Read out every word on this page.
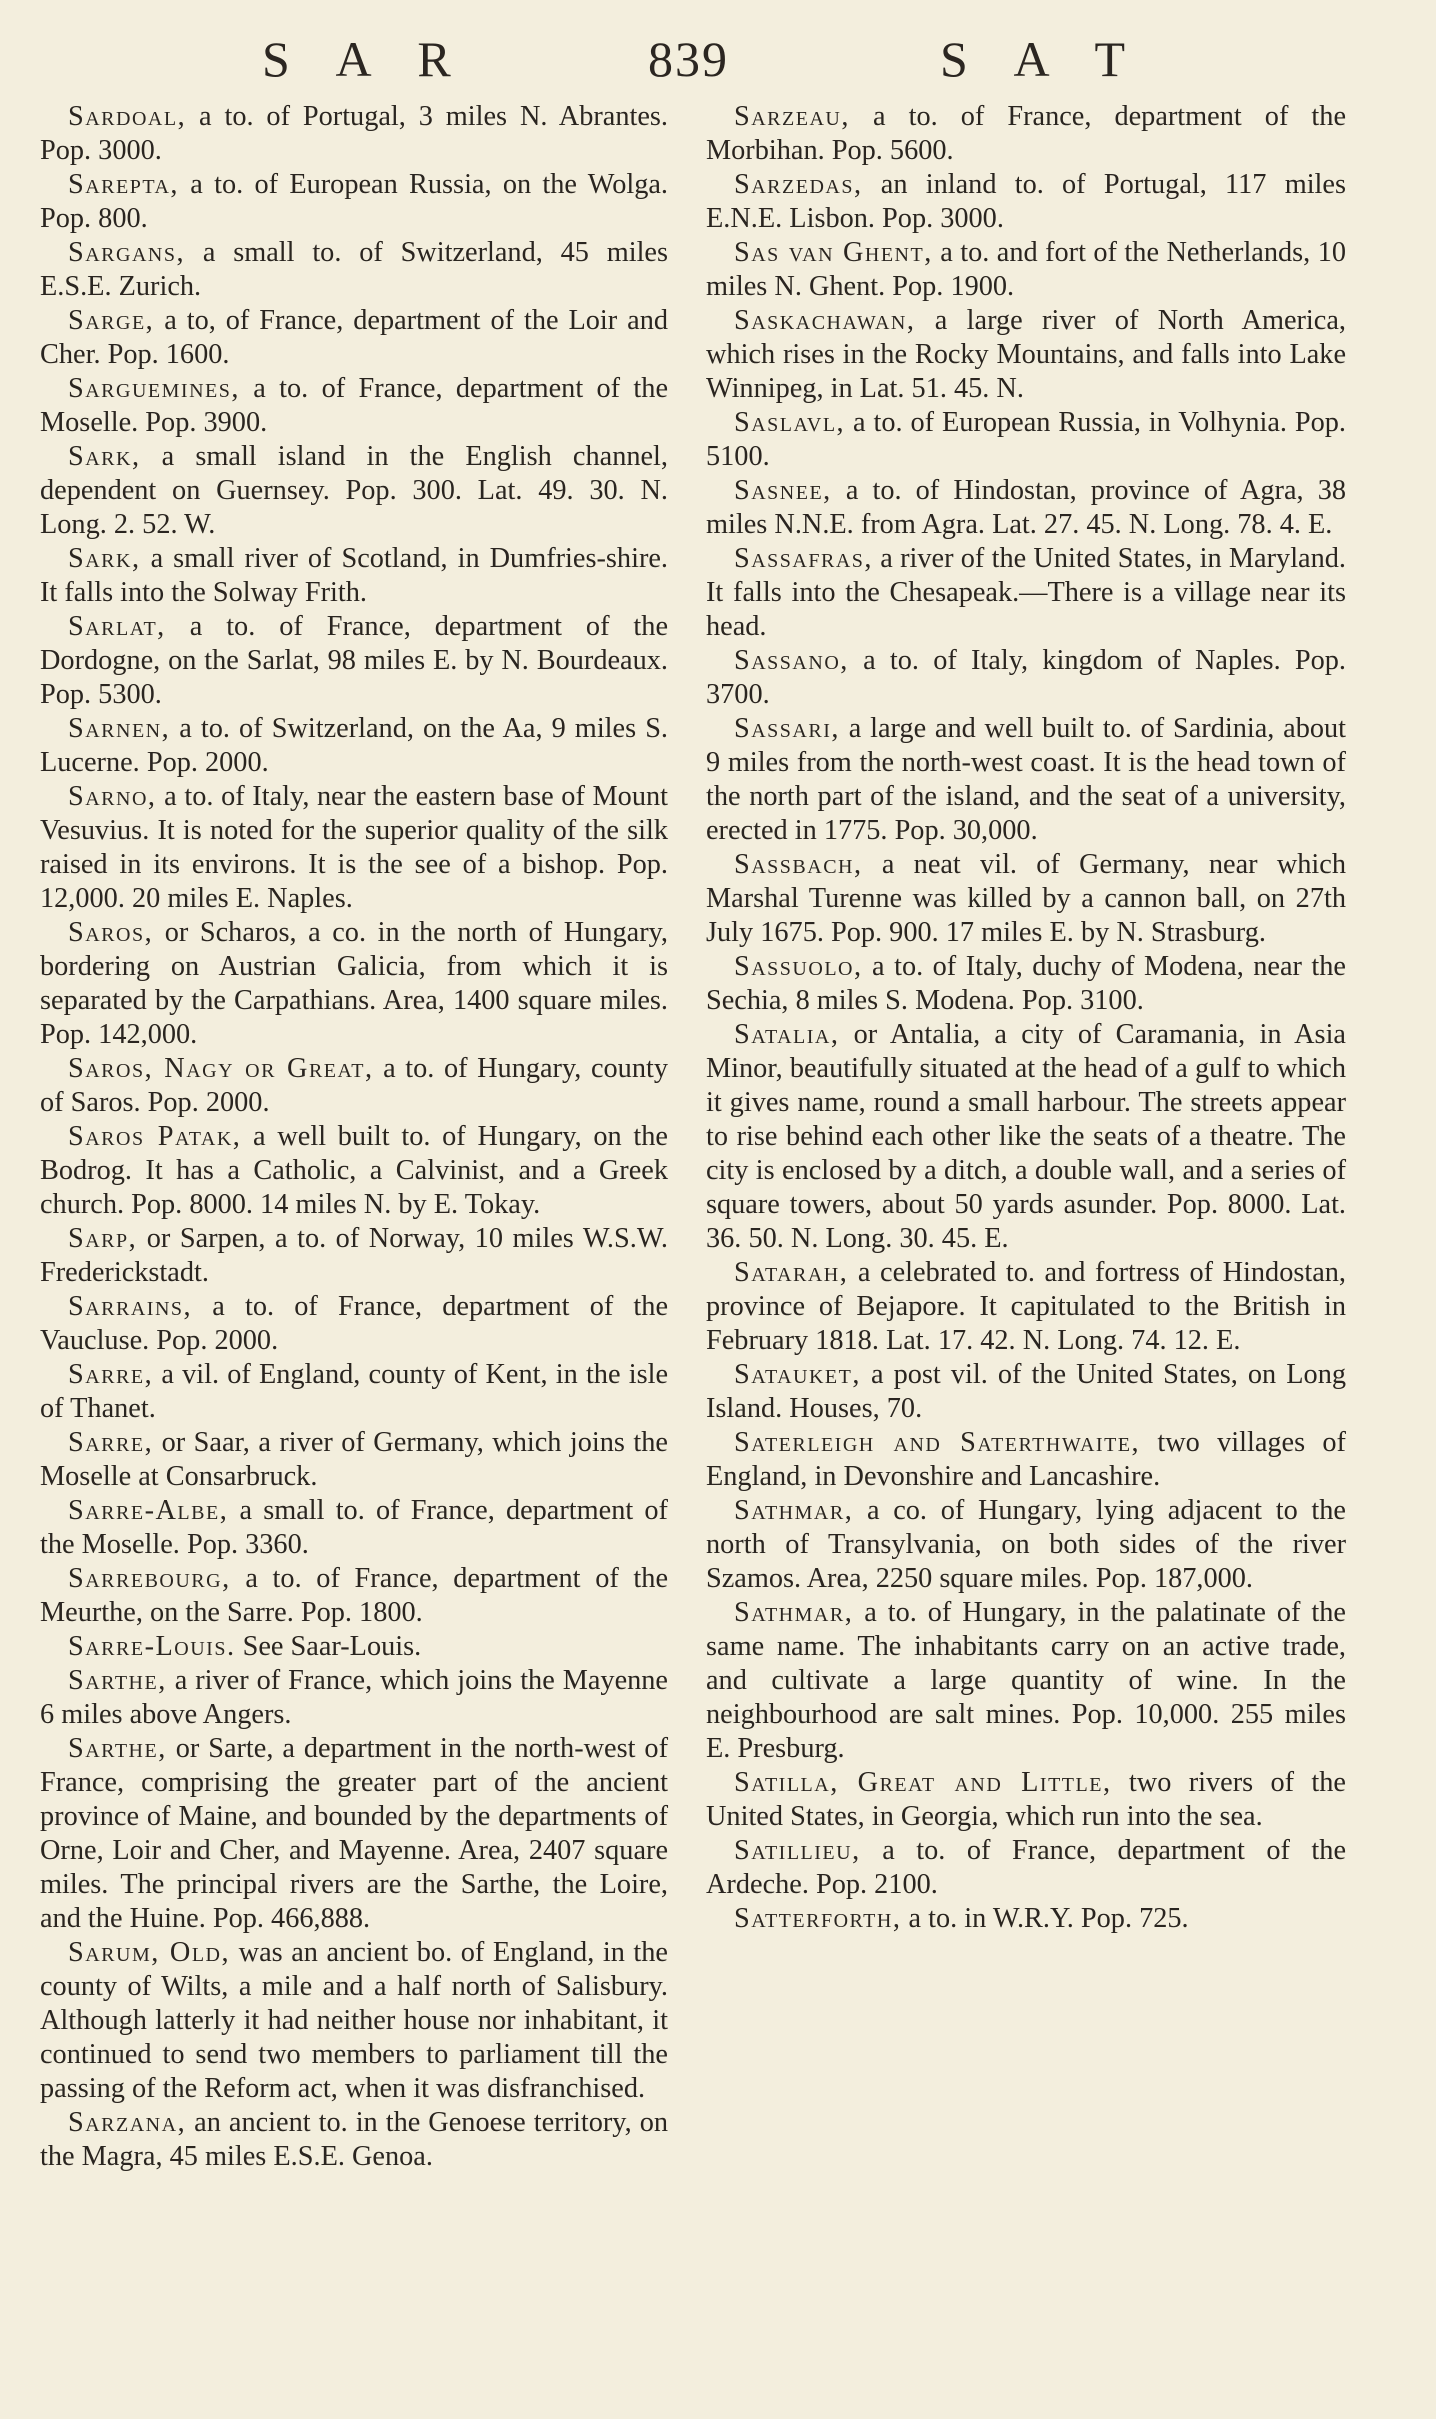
S A R	839	S A T

Sardoal, a to. of Portugal, 3 miles N. Abrantes. Pop. 3000.

Sarepta, a to. of European Russia, on the Wolga. Pop. 800.

Sargans, a small to. of Switzerland, 45 miles E.S.E. Zurich.

Sarge, a to, of France, department of the Loir and Cher. Pop. 1600.

Sarguemines, a to. of France, department of the Moselle. Pop. 3900.

Sark, a small island in the English channel, dependent on Guernsey. Pop. 300. Lat. 49. 30. N. Long. 2. 52. W.

Sark, a small river of Scotland, in Dumfries-shire. It falls into the Solway Frith.

Sarlat, a to. of France, department of the Dordogne, on the Sarlat, 98 miles E. by N. Bourdeaux. Pop. 5300.

Sarnen, a to. of Switzerland, on the Aa, 9 miles S. Lucerne. Pop. 2000.

Sarno, a to. of Italy, near the eastern base of Mount Vesuvius. It is noted for the superior quality of the silk raised in its environs. It is the see of a bishop. Pop. 12,000. 20 miles E. Naples.

Saros, or Scharos, a co. in the north of Hungary, bordering on Austrian Galicia, from which it is separated by the Carpathians. Area, 1400 square miles. Pop. 142,000.

Saros, Nagy or Great, a to. of Hungary, county of Saros. Pop. 2000.

Saros Patak, a well built to. of Hungary, on the Bodrog. It has a Catholic, a Calvinist, and a Greek church. Pop. 8000. 14 miles N. by E. Tokay.

Sarp, or Sarpen, a to. of Norway, 10 miles W.S.W. Frederickstadt.

Sarrains, a to. of France, department of the Vaucluse. Pop. 2000.

Sarre, a vil. of England, county of Kent, in the isle of Thanet.

Sarre, or Saar, a river of Germany, which joins the Moselle at Consarbruck.

Sarre-Albe, a small to. of France, department of the Moselle. Pop. 3360.

Sarrebourg, a to. of France, department of the Meurthe, on the Sarre. Pop. 1800.

Sarre-Louis. See Saar-Louis.

Sarthe, a river of France, which joins the Mayenne 6 miles above Angers.

Sarthe, or Sarte, a department in the north-west of France, comprising the greater part of the ancient province of Maine, and bounded by the departments of Orne, Loir and Cher, and Mayenne. Area, 2407 square miles. The principal rivers are the Sarthe, the Loire, and the Huine. Pop. 466,888.

Sarum, Old, was an ancient bo. of England, in the county of Wilts, a mile and a half north of Salisbury. Although latterly it had neither house nor inhabitant, it continued to send two members to parliament till the passing of the Reform act, when it was disfranchised.

Sarzana, an ancient to. in the Genoese territory, on the Magra, 45 miles E.S.E. Genoa.

Sarzeau, a to. of France, department of the Morbihan. Pop. 5600.

Sarzedas, an inland to. of Portugal, 117 miles E.N.E. Lisbon. Pop. 3000.

Sas van Ghent, a to. and fort of the Netherlands, 10 miles N. Ghent. Pop. 1900.

Saskachawan, a large river of North America, which rises in the Rocky Mountains, and falls into Lake Winnipeg, in Lat. 51. 45. N.

Saslavl, a to. of European Russia, in Volhynia. Pop. 5100.

Sasnee, a to. of Hindostan, province of Agra, 38 miles N.N.E. from Agra. Lat. 27. 45. N. Long. 78. 4. E.

Sassafras, a river of the United States, in Maryland. It falls into the Chesapeak.—There is a village near its head.

Sassano, a to. of Italy, kingdom of Naples. Pop. 3700.

Sassari, a large and well built to. of Sardinia, about 9 miles from the north-west coast. It is the head town of the north part of the island, and the seat of a university, erected in 1775. Pop. 30,000.

Sassbach, a neat vil. of Germany, near which Marshal Turenne was killed by a cannon ball, on 27th July 1675. Pop. 900. 17 miles E. by N. Strasburg.

Sassuolo, a to. of Italy, duchy of Modena, near the Sechia, 8 miles S. Modena. Pop. 3100.

Satalia, or Antalia, a city of Caramania, in Asia Minor, beautifully situated at the head of a gulf to which it gives name, round a small harbour. The streets appear to rise behind each other like the seats of a theatre. The city is enclosed by a ditch, a double wall, and a series of square towers, about 50 yards asunder. Pop. 8000. Lat. 36. 50. N. Long. 30. 45. E.

Satarah, a celebrated to. and fortress of Hindostan, province of Bejapore. It capitulated to the British in February 1818. Lat. 17. 42. N. Long. 74. 12. E.

Satauket, a post vil. of the United States, on Long Island. Houses, 70.

Saterleigh and Saterthwaite, two villages of England, in Devonshire and Lancashire.

Sathmar, a co. of Hungary, lying adjacent to the north of Transylvania, on both sides of the river Szamos. Area, 2250 square miles. Pop. 187,000.

Sathmar, a to. of Hungary, in the palatinate of the same name. The inhabitants carry on an active trade, and cultivate a large quantity of wine. In the neighbourhood are salt mines. Pop. 10,000. 255 miles E. Presburg.

Satilla, Great and Little, two rivers of the United States, in Georgia, which run into the sea.

Satillieu, a to. of France, department of the Ardeche. Pop. 2100.

Satterforth, a to. in W.R.Y. Pop. 725.
